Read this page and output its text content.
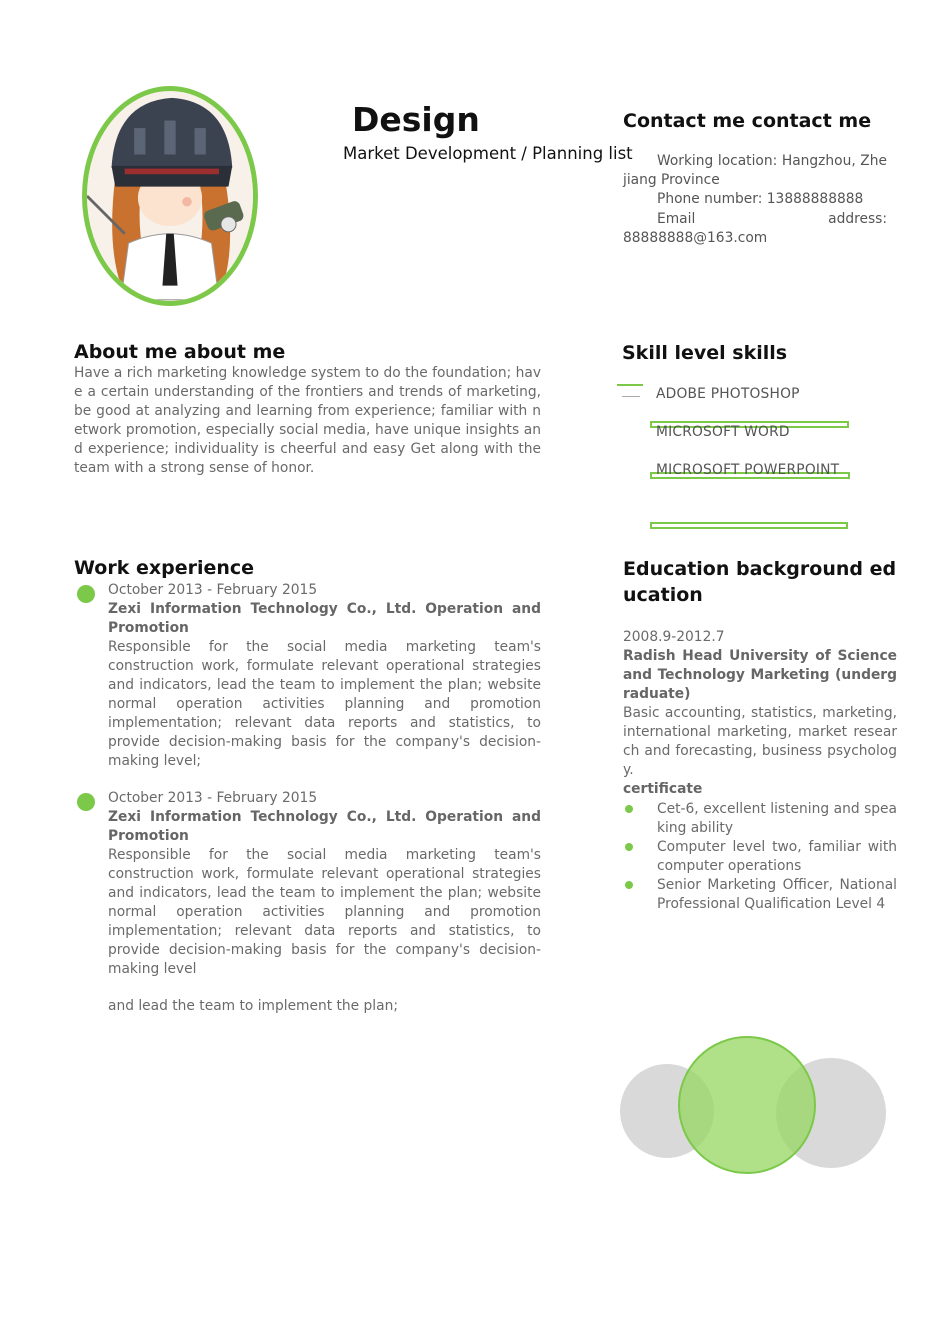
Design
Market Development / Planning list
Contact me contact me
Working location: Hangzhou, Zhejiang Province
Phone number: 13888888888
Email	address:
88888888@163.com
About me about me
Have a rich marketing knowledge system to do the foundation; have a certain understanding of the frontiers and trends of marketing, be good at analyzing and learning from experience; familiar with network promotion, especially social media, have unique insights and experience; individuality is cheerful and easy Get along with the team with a strong sense of honor.
Skill level skills
ADOBE PHOTOSHOP
MICROSOFT WORD
MICROSOFT POWERPOINT
Work experience
October 2013 - February 2015
Zexi Information Technology Co., Ltd. Operation and Promotion
Responsible for the social media marketing team's construction work, formulate relevant operational strategies and indicators, lead the team to implement the plan; website normal operation activities planning and promotion implementation; relevant data reports and statistics, to provide decision-making basis for the company's decision-making level;
October 2013 - February 2015
Zexi Information Technology Co., Ltd. Operation and Promotion
Responsible for the social media marketing team's construction work, formulate relevant operational strategies and indicators, lead the team to implement the plan; website normal operation activities planning and promotion implementation; relevant data reports and statistics, to provide decision-making basis for the company's decision-making level
and lead the team to implement the plan;
Education background education
2008.9-2012.7
Radish Head University of Science and Technology Marketing (undergraduate)
Basic accounting, statistics, marketing, international marketing, market research and forecasting, business psychology.
certificate
Cet-6, excellent listening and speaking ability
Computer level two, familiar with computer operations
Senior Marketing Officer, National Professional Qualification Level 4
